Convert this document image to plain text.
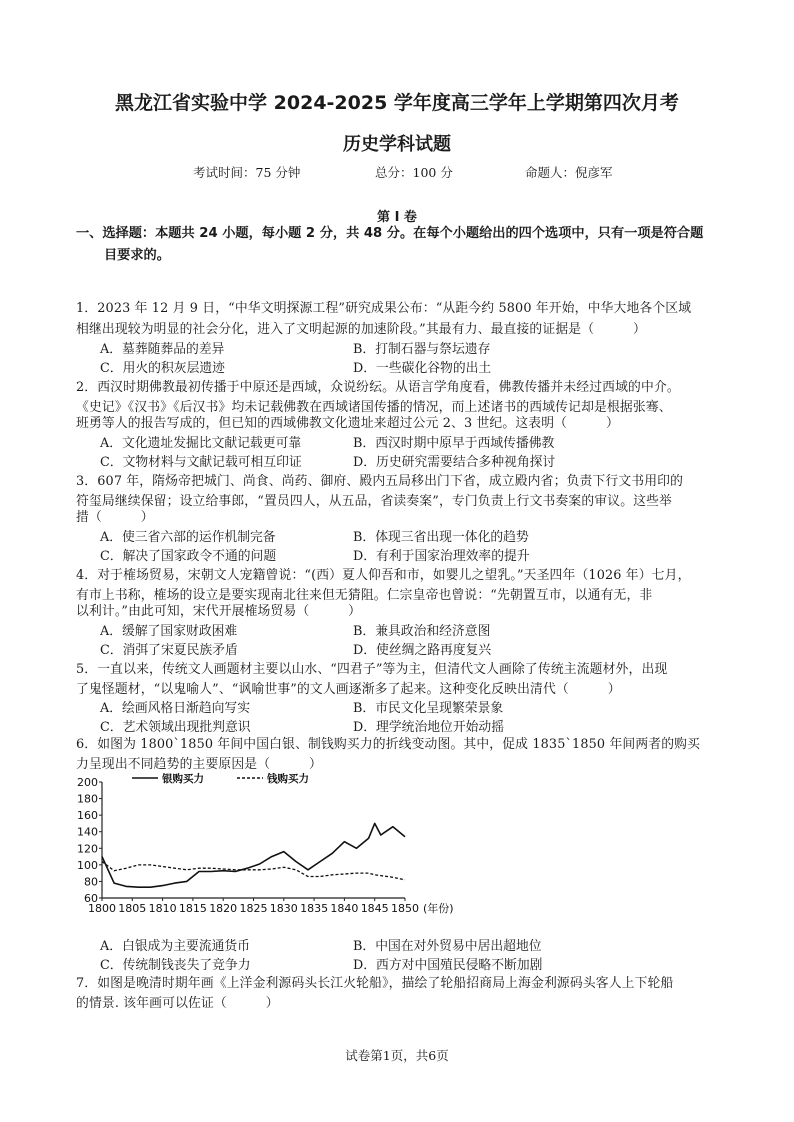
黑龙江省实验中学 2024-2025 学年度高三学年上学期第四次月考
历史学科试题
考试时间：75 分钟	总分：100 分	命题人：倪彦军
第 Ⅰ 卷
一、选择题：本题共 24 小题，每小题 2 分，共 48 分。在每个小题给出的四个选项中，只有一项是符合题
目要求的。
1．2023 年 12 月 9 日，“中华文明探源工程”研究成果公布：“从距今约 5800 年开始，中华大地各个区域
相继出现较为明显的社会分化，进入了文明起源的加速阶段。”其最有力、最直接的证据是（　　　）
A．墓葬随葬品的差异	B．打制石器与祭坛遗存
C．用火的积灰层遗迹	D．一些碳化谷物的出土
2．西汉时期佛教最初传播于中原还是西域，众说纷纭。从语言学角度看，佛教传播并未经过西域的中介。
《史记》《汉书》《后汉书》均未记载佛教在西域诸国传播的情况，而上述诸书的西域传记却是根据张骞、
班勇等人的报告写成的，但已知的西域佛教文化遗址来超过公元 2、3 世纪。这表明（　　　）
A．文化遗址发掘比文献记载更可靠	B．西汉时期中原早于西域传播佛教
C．文物材料与文献记载可相互印证	D．历史研究需要结合多种视角探讨
3．607 年，隋炀帝把城门、尚食、尚药、御府、殿内五局移出门下省，成立殿内省；负责下行文书用印的
符玺局继续保留；设立给事郎，“置员四人，从五品，省读奏案”，专门负责上行文书奏案的审议。这些举
措（　　　）
A．使三省六部的运作机制完备	B．体现三省出现一体化的趋势
C．解决了国家政令不通的问题	D．有利于国家治理效率的提升
4．对于榷场贸易，宋朝文人宠籍曾说：“(西）夏人仰吾和市，如婴儿之望乳。”天圣四年（1026 年）七月，
有市上书称，榷场的设立是要实现南北往来但无猜阻。仁宗皇帝也曾说：“先朝置互市，以通有无，非
以利计。”由此可知，宋代开展榷场贸易（　　　）
A．缓解了国家财政困难	B．兼具政治和经济意图
C．消弭了宋夏民族矛盾	D．使丝绸之路再度复兴
5．一直以来，传统文人画题材主要以山水、“四君子”等为主，但清代文人画除了传统主流题材外，出现
了鬼怪题材，“以鬼喻人”、“讽喻世事”的文人画逐渐多了起来。这种变化反映出清代（　　　）
A．绘画风格日渐趋向写实	B．市民文化呈现繁荣景象
C．艺术领域出现批判意识	D．理学统治地位开始动摇
6．如图为 1800`1850 年间中国白银、制钱购买力的折线变动图。其中，促成 1835`1850 年间两者的购买
力呈现出不同趋势的主要原因是（　　　）
60
80
100
120
140
160
180
200
1800 1805 1810 1815 1820 1825 1830 1835 1840 1845 1850 (年份)
银购买力	钱购买力
A．白银成为主要流通货币	B．中国在对外贸易中居出超地位
C．传统制钱丧失了竞争力	D．西方对中国殖民侵略不断加剧
7．如图是晚清时期年画《上洋金利源码头长江火轮船》，描绘了轮船招商局上海金利源码头客人上下轮船
的情景. 该年画可以佐证（　　　）
试卷第1页，共6页
